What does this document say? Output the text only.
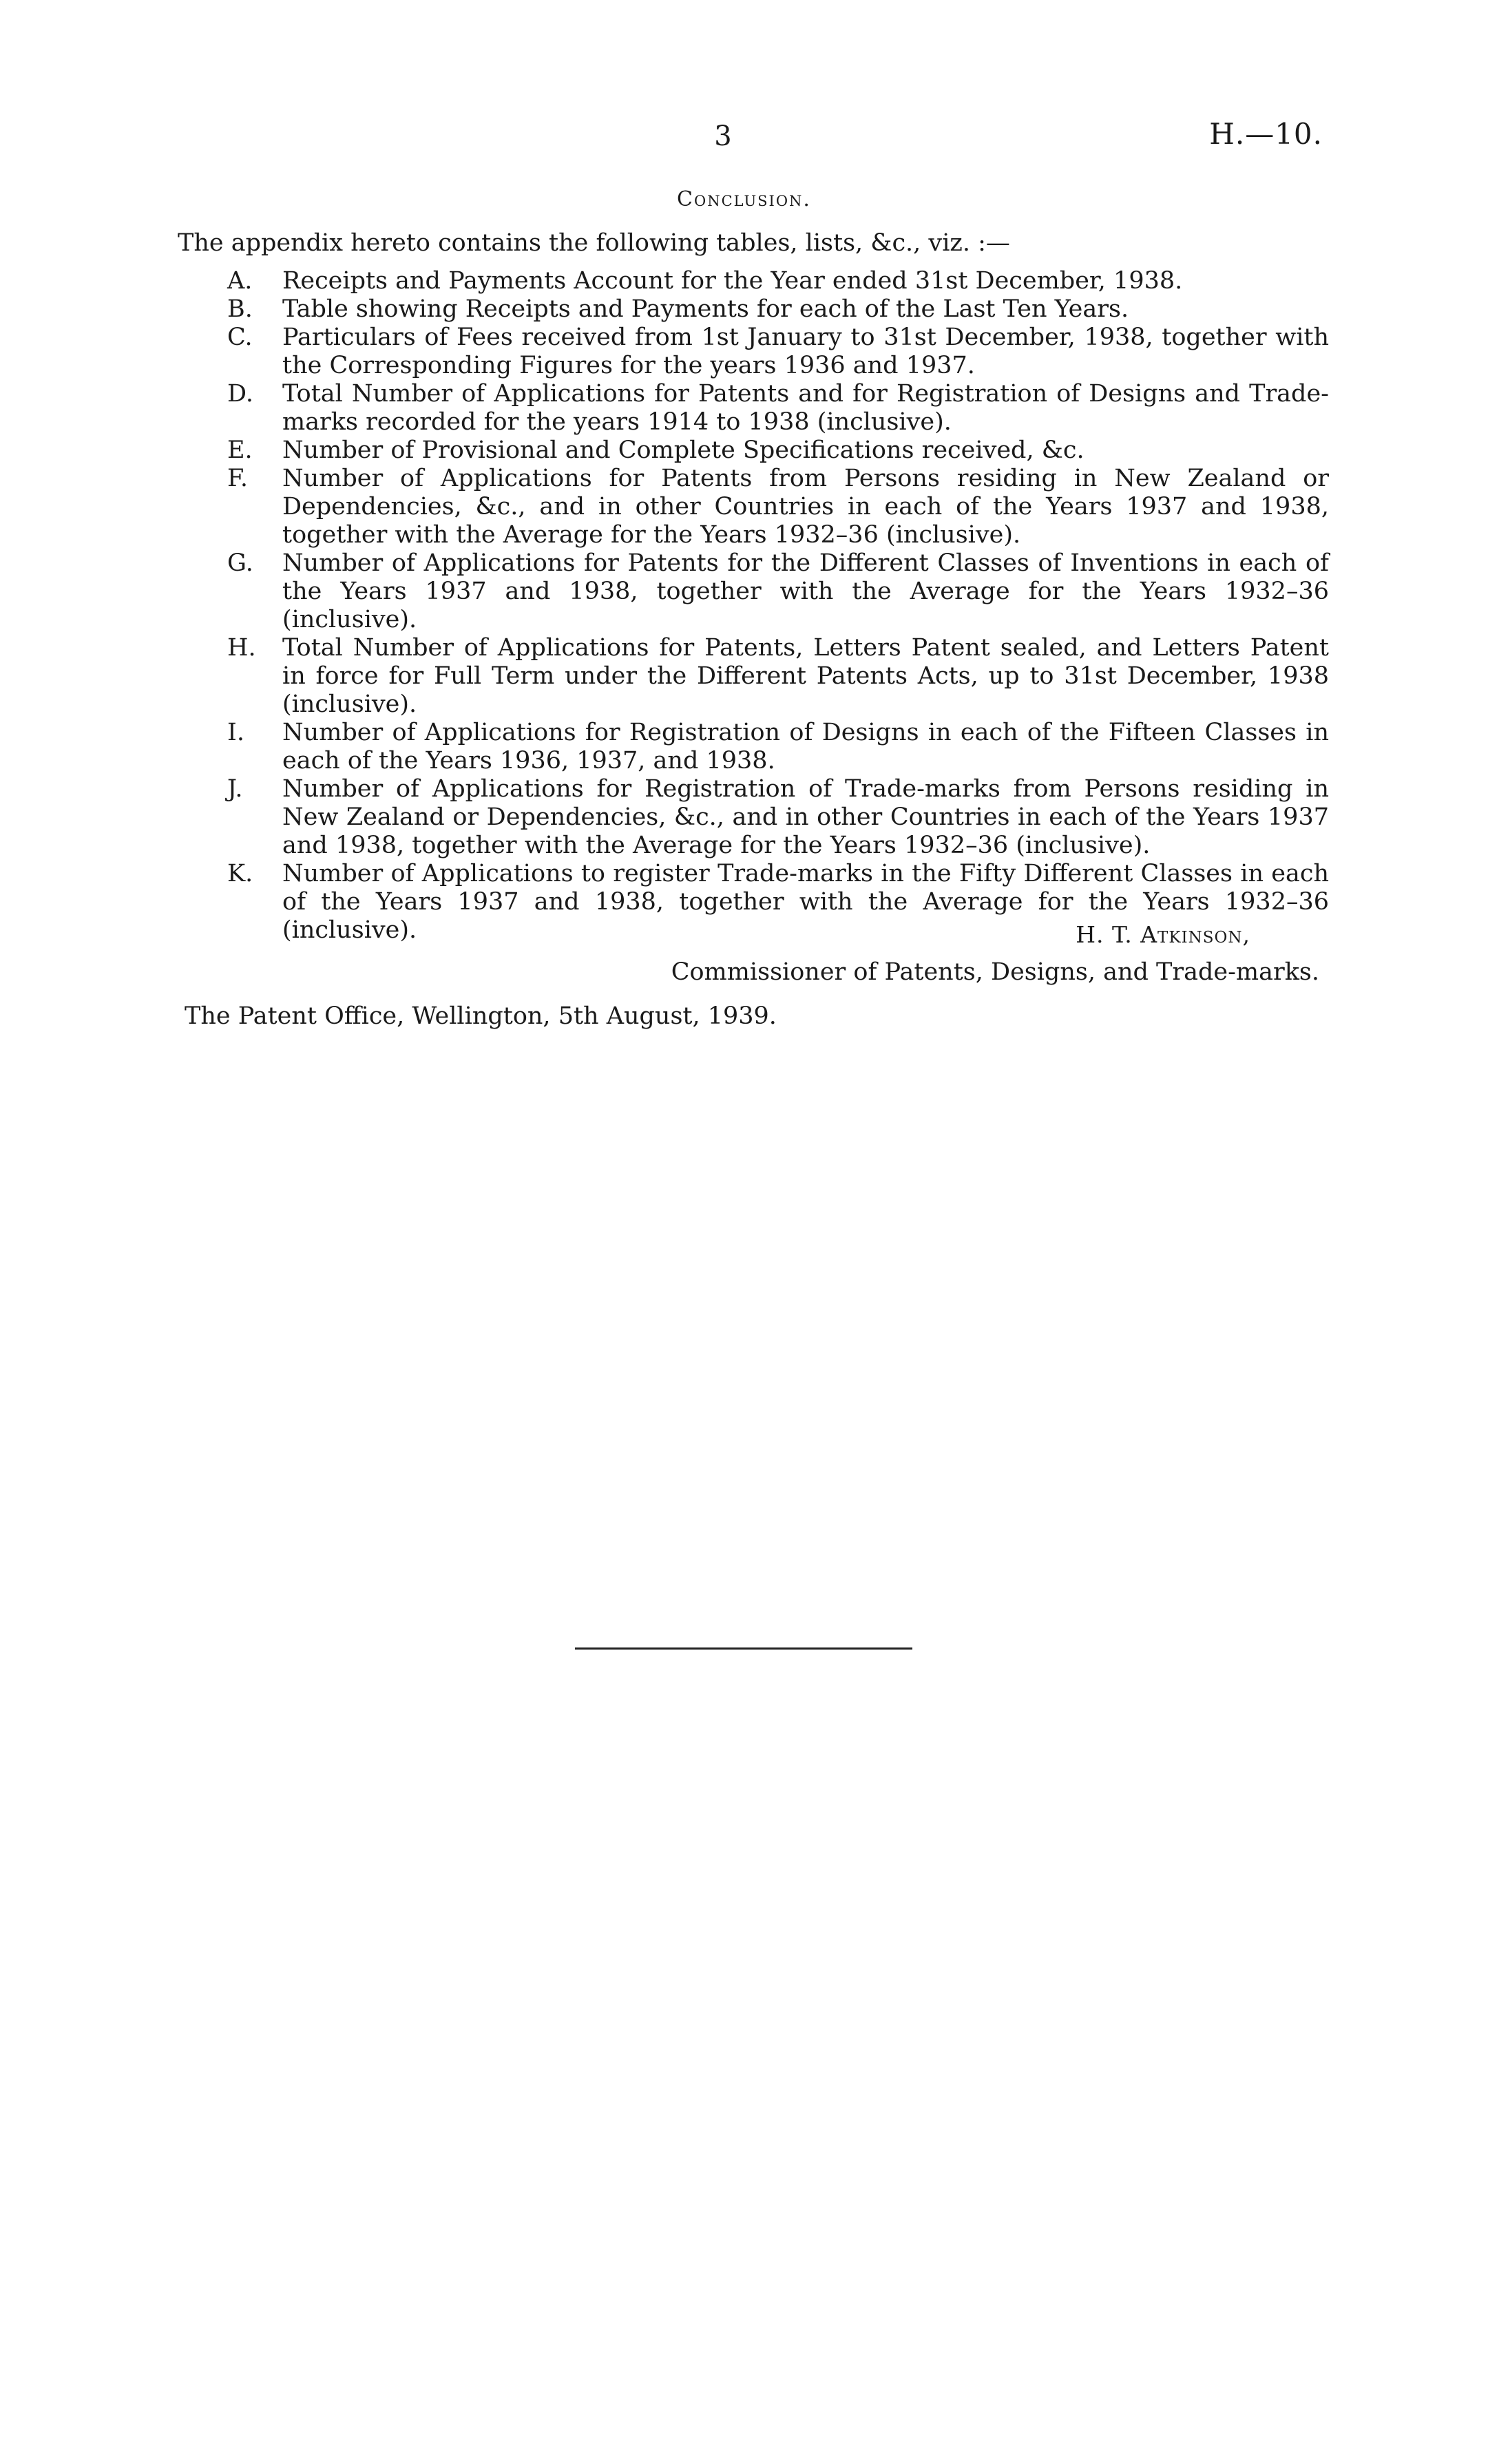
3	H.—10.
Conclusion.
The appendix hereto contains the following tables, lists, &c., viz. :—
A.	Receipts and Payments Account for the Year ended 31st December, 1938.
B.	Table showing Receipts and Payments for each of the Last Ten Years.
C.	Particulars of Fees received from 1st January to 31st December, 1938, together with the Corresponding Figures for the years 1936 and 1937.
D.	Total Number of Applications for Patents and for Registration of Designs and Trade-marks recorded for the years 1914 to 1938 (inclusive).
E.	Number of Provisional and Complete Specifications received, &c.
F.	Number of Applications for Patents from Persons residing in New Zealand or Dependencies, &c., and in other Countries in each of the Years 1937 and 1938, together with the Average for the Years 1932–36 (inclusive).
G.	Number of Applications for Patents for the Different Classes of Inventions in each of the Years 1937 and 1938, together with the Average for the Years 1932–36 (inclusive).
H.	Total Number of Applications for Patents, Letters Patent sealed, and Letters Patent in force for Full Term under the Different Patents Acts, up to 31st December, 1938 (inclusive).
I.	Number of Applications for Registration of Designs in each of the Fifteen Classes in each of the Years 1936, 1937, and 1938.
J.	Number of Applications for Registration of Trade-marks from Persons residing in New Zealand or Dependencies, &c., and in other Countries in each of the Years 1937 and 1938, together with the Average for the Years 1932–36 (inclusive).
K.	Number of Applications to register Trade-marks in the Fifty Different Classes in each of the Years 1937 and 1938, together with the Average for the Years 1932–36 (inclusive).	H. T. Atkinson,
Commissioner of Patents, Designs, and Trade-marks.
The Patent Office, Wellington, 5th August, 1939.
